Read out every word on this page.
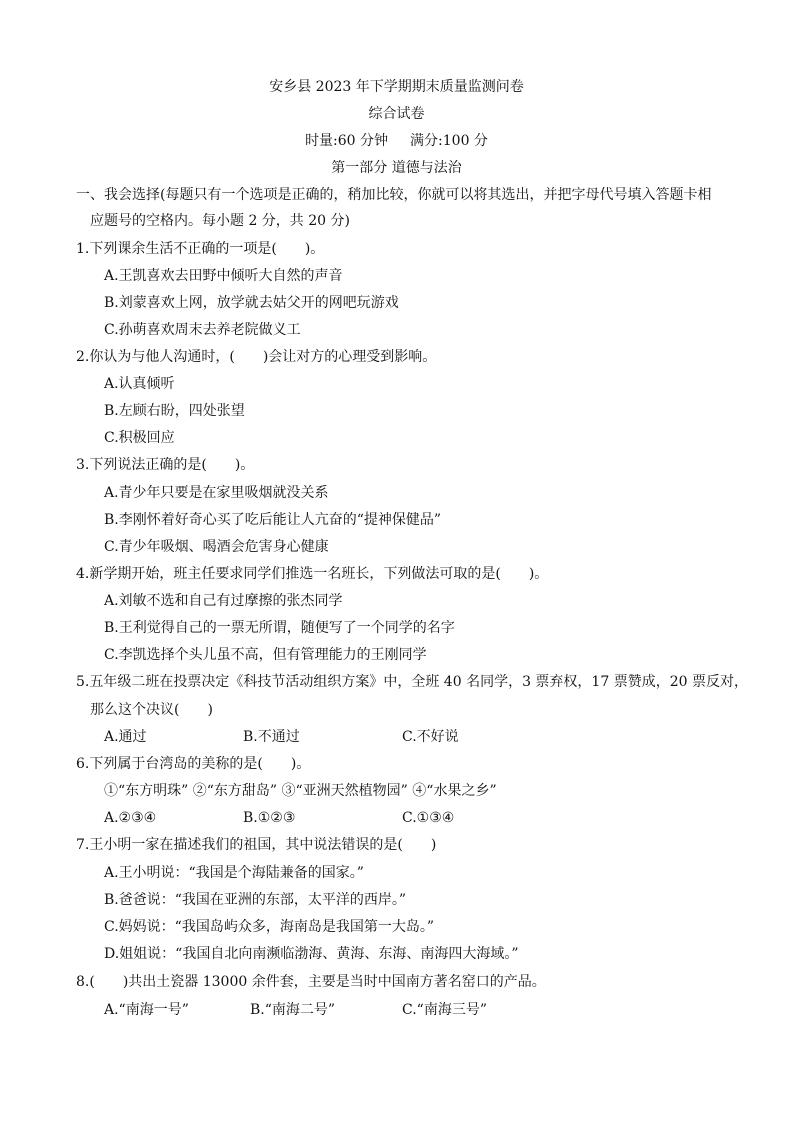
安乡县 2023 年下学期期末质量监测问卷
综合试卷
时量:60 分钟 满分:100 分
第一部分 道德与法治
一、我会选择(每题只有一个选项是正确的，稍加比较，你就可以将其选出，并把字母代号填入答题卡相
应题号的空格内。每小题 2 分，共 20 分)
1.下列课余生活不正确的一项是(　　)。
A.王凯喜欢去田野中倾听大自然的声音
B.刘蒙喜欢上网，放学就去姑父开的网吧玩游戏
C.孙萌喜欢周末去养老院做义工
2.你认为与他人沟通时，(　　)会让对方的心理受到影响。
A.认真倾听
B.左顾右盼，四处张望
C.积极回应
3.下列说法正确的是(　　)。
A.青少年只要是在家里吸烟就没关系
B.李刚怀着好奇心买了吃后能让人亢奋的“提神保健品”
C.青少年吸烟、喝酒会危害身心健康
4.新学期开始，班主任要求同学们推选一名班长，下列做法可取的是(　　)。
A.刘敏不选和自己有过摩擦的张杰同学
B.王利觉得自己的一票无所谓，随便写了一个同学的名字
C.李凯选择个头儿虽不高，但有管理能力的王刚同学
5.五年级二班在投票决定《科技节活动组织方案》中，全班 40 名同学，3 票弃权，17 票赞成，20 票反对，
那么这个决议(　　)
A.通过	B.不通过	C.不好说
6.下列属于台湾岛的美称的是(　　)。
①“东方明珠” ②“东方甜岛” ③“亚洲天然植物园” ④“水果之乡”
A.②③④	B.①②③	C.①③④
7.王小明一家在描述我们的祖国，其中说法错误的是(　　)
A.王小明说：“我国是个海陆兼备的国家。”
B.爸爸说：“我国在亚洲的东部，太平洋的西岸。”
C.妈妈说：“我国岛屿众多，海南岛是我国第一大岛。”
D.姐姐说：“我国自北向南濒临渤海、黄海、东海、南海四大海域。”
8.(　　)共出土瓷器 13000 余件套，主要是当时中国南方著名窑口的产品。
A.“南海一号”	B.“南海二号”	C.“南海三号”
